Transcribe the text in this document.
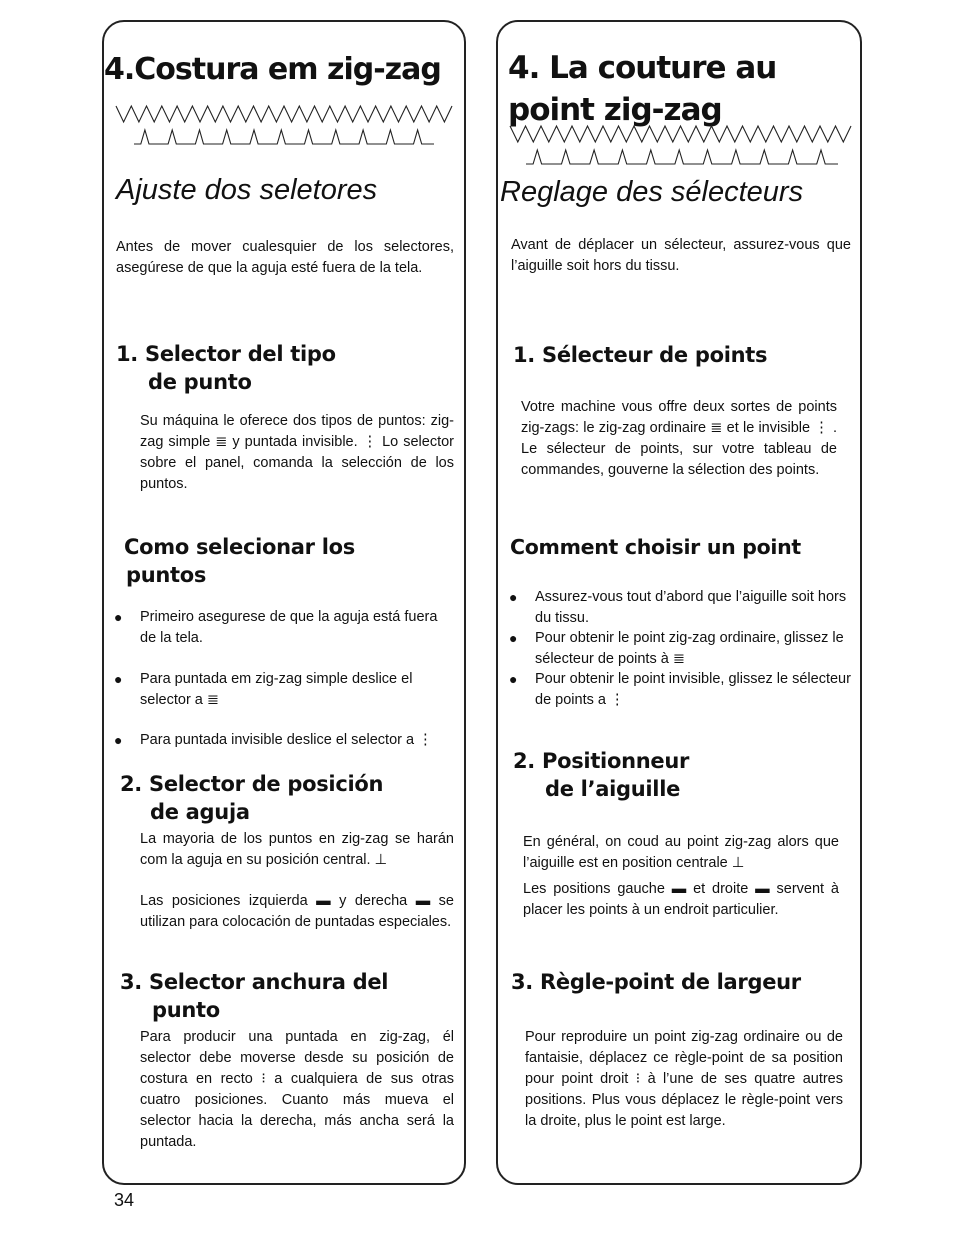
4.Costura em zig-zag

Ajuste dos seletores

Antes de mover cualesquier de los selectores, asegúrese de que la aguja esté fuera de la tela.

1. Selector del tipo
de punto

Su máquina le oferece dos tipos de puntos: zig-zag simple ≣ y puntada invisible. ⋮ Lo selector sobre el panel, comanda la selección de los puntos.

Como selecionar los
puntos
● Primeiro asegurese de que la aguja está fuera de la tela.
● Para puntada em zig-zag simple deslice el selector a ≣
● Para puntada invisible deslice el selector a ⋮
2. Selector de posición
de aguja

La mayoria de los puntos en zig-zag se harán com la aguja en su posición central. ⊥

Las posiciones izquierda ▬ y derecha ▬ se utilizan para colocación de puntadas especiales.

3. Selector anchura del
punto

Para producir una puntada en zig-zag, él selector debe moverse desde su posición de costura en recto ⁝ a cualquiera de sus otras cuatro posiciones. Cuanto más mueva el selector hacia la derecha, más ancha será la puntada.

4. La couture au
point zig-zag

Reglage des sélecteurs

Avant de déplacer un sélecteur, assurez-vous que l’aiguille soit hors du tissu.

1. Sélecteur de points

Votre machine vous offre deux sortes de points zig-zags: le zig-zag ordinaire ≣ et le invisible ⋮ . Le sélecteur de points, sur votre tableau de commandes, gouverne la sélection des points.

Comment choisir un point
● Assurez-vous tout d’abord que l’aiguille soit hors du tissu.
● Pour obtenir le point zig-zag ordinaire, glissez le sélecteur de points à ≣
● Pour obtenir le point invisible, glissez le sélecteur de points a ⋮
2. Positionneur
de l’aiguille

En général, on coud au point zig-zag alors que l’aiguille est en position centrale ⊥

Les positions gauche ▬ et droite ▬ servent à placer les points à un endroit particulier.

3. Règle-point de largeur

Pour reproduire un point zig-zag ordinaire ou de fantaisie, déplacez ce règle-point de sa position pour point droit ⁝ à l’une de ses quatre autres positions. Plus vous déplacez le règle-point vers la droite, plus le point est large.

34
